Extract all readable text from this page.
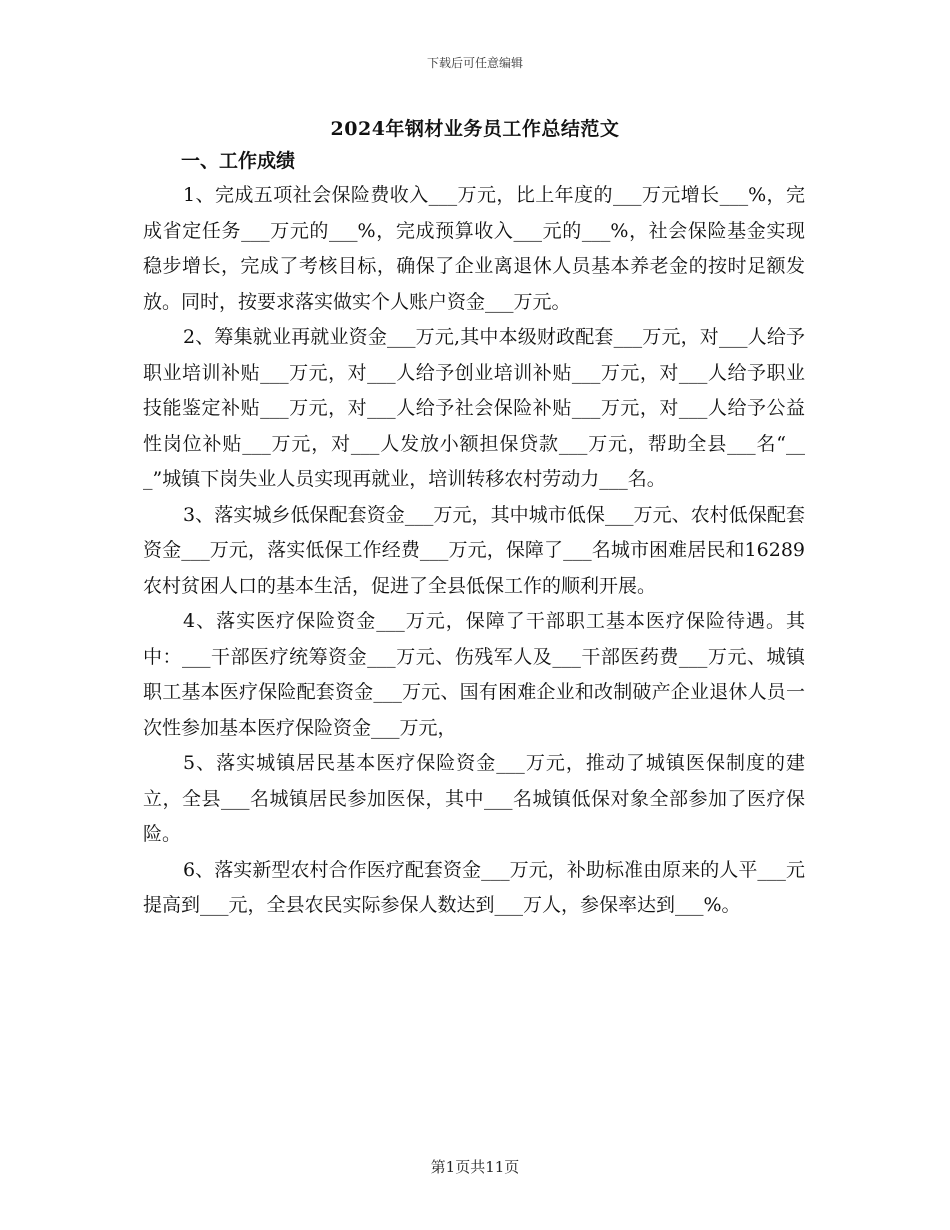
下载后可任意编辑
2024年钢材业务员工作总结范文

一、工作成绩

1、完成五项社会保险费收入___万元，比上年度的___万元增长___%，完成省定任务___万元的___%，完成预算收入___元的___%，社会保险基金实现稳步增长，完成了考核目标，确保了企业离退休人员基本养老金的按时足额发放。同时，按要求落实做实个人账户资金___万元。

2、筹集就业再就业资金___万元,其中本级财政配套___万元，对___人给予职业培训补贴___万元，对___人给予创业培训补贴___万元，对___人给予职业技能鉴定补贴___万元，对___人给予社会保险补贴___万元，对___人给予公益性岗位补贴___万元，对___人发放小额担保贷款___万元，帮助全县___名“___”城镇下岗失业人员实现再就业，培训转移农村劳动力___名。

3、落实城乡低保配套资金___万元，其中城市低保___万元、农村低保配套资金___万元，落实低保工作经费___万元，保障了___名城市困难居民和16289农村贫困人口的基本生活，促进了全县低保工作的顺利开展。

4、落实医疗保险资金___万元，保障了干部职工基本医疗保险待遇。其中：___干部医疗统筹资金___万元、伤残军人及___干部医药费___万元、城镇职工基本医疗保险配套资金___万元、国有困难企业和改制破产企业退休人员一次性参加基本医疗保险资金___万元，

5、落实城镇居民基本医疗保险资金___万元，推动了城镇医保制度的建立，全县___名城镇居民参加医保，其中___名城镇低保对象全部参加了医疗保险。

6、落实新型农村合作医疗配套资金___万元，补助标准由原来的人平___元提高到___元，全县农民实际参保人数达到___万人，参保率达到___%。

第1页共11页
